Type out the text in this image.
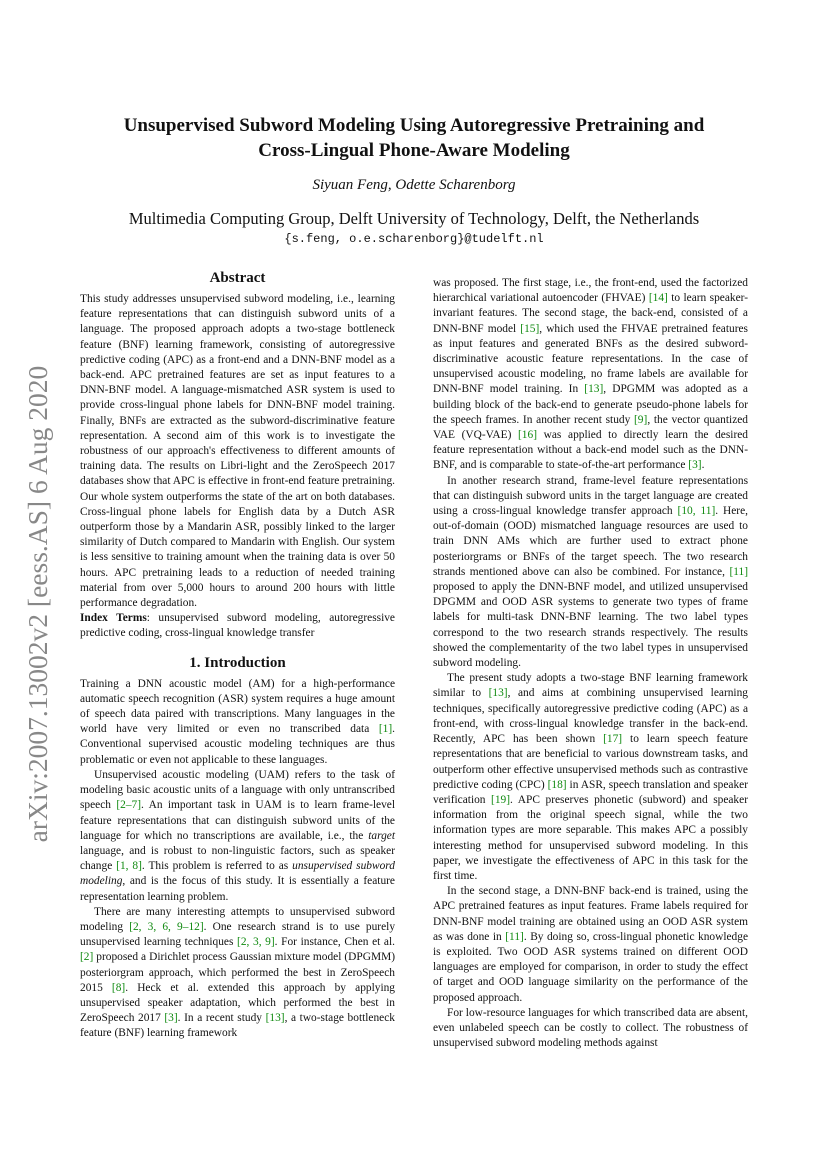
Unsupervised Subword Modeling Using Autoregressive Pretraining and
Cross-Lingual Phone-Aware Modeling
Siyuan Feng, Odette Scharenborg
Multimedia Computing Group, Delft University of Technology, Delft, the Netherlands
{s.feng, o.e.scharenborg}@tudelft.nl
arXiv:2007.13002v2 [eess.AS] 6 Aug 2020
Abstract

This study addresses unsupervised subword modeling, i.e., learning feature representations that can distinguish subword units of a language. The proposed approach adopts a two-stage bottleneck feature (BNF) learning framework, consisting of autoregressive predictive coding (APC) as a front-end and a DNN-BNF model as a back-end. APC pretrained features are set as input features to a DNN-BNF model. A language-mismatched ASR system is used to provide cross-lingual phone labels for DNN-BNF model training. Finally, BNFs are extracted as the subword-discriminative feature representation. A second aim of this work is to investigate the robustness of our approach's effectiveness to different amounts of training data. The results on Libri-light and the ZeroSpeech 2017 databases show that APC is effective in front-end feature pretraining. Our whole system outperforms the state of the art on both databases. Cross-lingual phone labels for English data by a Dutch ASR outperform those by a Mandarin ASR, possibly linked to the larger similarity of Dutch compared to Mandarin with English. Our system is less sensitive to training amount when the training data is over 50 hours. APC pretraining leads to a reduction of needed training material from over 5,000 hours to around 200 hours with little performance degradation.

Index Terms: unsupervised subword modeling, autoregressive predictive coding, cross-lingual knowledge transfer

1. Introduction

Training a DNN acoustic model (AM) for a high-performance automatic speech recognition (ASR) system requires a huge amount of speech data paired with transcriptions. Many languages in the world have very limited or even no transcribed data [1]. Conventional supervised acoustic modeling techniques are thus problematic or even not applicable to these languages.

Unsupervised acoustic modeling (UAM) refers to the task of modeling basic acoustic units of a language with only untranscribed speech [2–7]. An important task in UAM is to learn frame-level feature representations that can distinguish subword units of the language for which no transcriptions are available, i.e., the target language, and is robust to non-linguistic factors, such as speaker change [1, 8]. This problem is referred to as unsupervised subword modeling, and is the focus of this study. It is essentially a feature representation learning problem.

There are many interesting attempts to unsupervised subword modeling [2, 3, 6, 9–12]. One research strand is to use purely unsupervised learning techniques [2, 3, 9]. For instance, Chen et al. [2] proposed a Dirichlet process Gaussian mixture model (DPGMM) posteriorgram approach, which performed the best in ZeroSpeech 2015 [8]. Heck et al. extended this approach by applying unsupervised speaker adaptation, which performed the best in ZeroSpeech 2017 [3]. In a recent study [13], a two-stage bottleneck feature (BNF) learning framework

was proposed. The first stage, i.e., the front-end, used the factorized hierarchical variational autoencoder (FHVAE) [14] to learn speaker-invariant features. The second stage, the back-end, consisted of a DNN-BNF model [15], which used the FHVAE pretrained features as input features and generated BNFs as the desired subword-discriminative acoustic feature representations. In the case of unsupervised acoustic modeling, no frame labels are available for DNN-BNF model training. In [13], DPGMM was adopted as a building block of the back-end to generate pseudo-phone labels for the speech frames. In another recent study [9], the vector quantized VAE (VQ-VAE) [16] was applied to directly learn the desired feature representation without a back-end model such as the DNN-BNF, and is comparable to state-of-the-art performance [3].

In another research strand, frame-level feature representations that can distinguish subword units in the target language are created using a cross-lingual knowledge transfer approach [10, 11]. Here, out-of-domain (OOD) mismatched language resources are used to train DNN AMs which are further used to extract phone posteriorgrams or BNFs of the target speech. The two research strands mentioned above can also be combined. For instance, [11] proposed to apply the DNN-BNF model, and utilized unsupervised DPGMM and OOD ASR systems to generate two types of frame labels for multi-task DNN-BNF learning. The two label types correspond to the two research strands respectively. The results showed the complementarity of the two label types in unsupervised subword modeling.

The present study adopts a two-stage BNF learning framework similar to [13], and aims at combining unsupervised learning techniques, specifically autoregressive predictive coding (APC) as a front-end, with cross-lingual knowledge transfer in the back-end. Recently, APC has been shown [17] to learn speech feature representations that are beneficial to various downstream tasks, and outperform other effective unsupervised methods such as contrastive predictive coding (CPC) [18] in ASR, speech translation and speaker verification [19]. APC preserves phonetic (subword) and speaker information from the original speech signal, while the two information types are more separable. This makes APC a possibly interesting method for unsupervised subword modeling. In this paper, we investigate the effectiveness of APC in this task for the first time.

In the second stage, a DNN-BNF back-end is trained, using the APC pretrained features as input features. Frame labels required for DNN-BNF model training are obtained using an OOD ASR system as was done in [11]. By doing so, cross-lingual phonetic knowledge is exploited. Two OOD ASR systems trained on different OOD languages are employed for comparison, in order to study the effect of target and OOD language similarity on the performance of the proposed approach.

For low-resource languages for which transcribed data are absent, even unlabeled speech can be costly to collect. The robustness of unsupervised subword modeling methods against
